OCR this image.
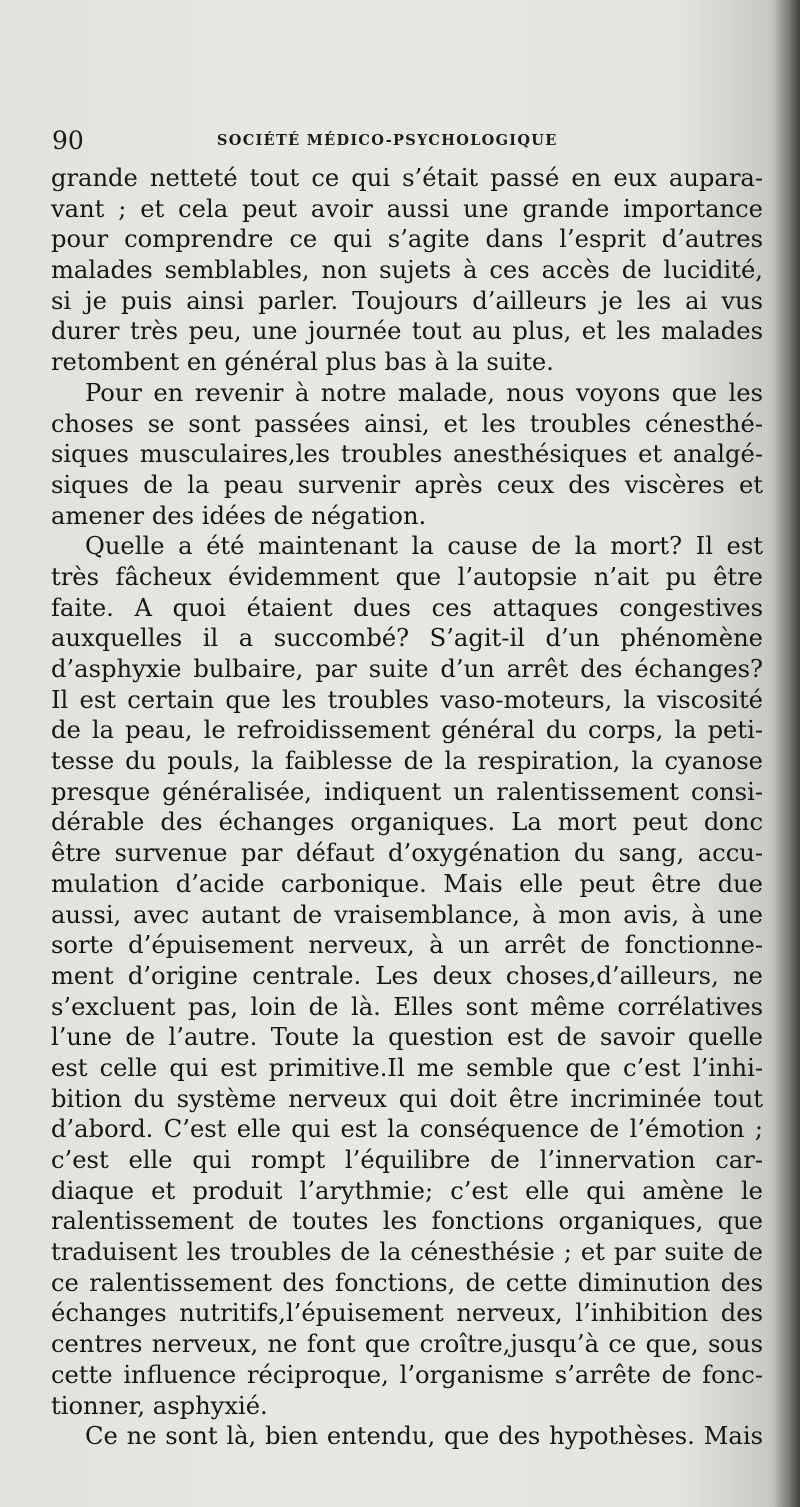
90	SOCIÉTÉ MÉDICO-PSYCHOLOGIQUE
grande netteté tout ce qui s’était passé en eux aupara-
vant ; et cela peut avoir aussi une grande importance
pour comprendre ce qui s’agite dans l’esprit d’autres
malades semblables, non sujets à ces accès de lucidité,
si je puis ainsi parler. Toujours d’ailleurs je les ai vus
durer très peu, une journée tout au plus, et les malades
retombent en général plus bas à la suite.
Pour en revenir à notre malade, nous voyons que les
choses se sont passées ainsi, et les troubles cénesthé-
siques musculaires,les troubles anesthésiques et analgé-
siques de la peau survenir après ceux des viscères et
amener des idées de négation.
Quelle a été maintenant la cause de la mort? Il est
très fâcheux évidemment que l’autopsie n’ait pu être
faite. A quoi étaient dues ces attaques congestives
auxquelles il a succombé? S’agit-il d’un phénomène
d’asphyxie bulbaire, par suite d’un arrêt des échanges?
Il est certain que les troubles vaso-moteurs, la viscosité
de la peau, le refroidissement général du corps, la peti-
tesse du pouls, la faiblesse de la respiration, la cyanose
presque généralisée, indiquent un ralentissement consi-
dérable des échanges organiques. La mort peut donc
être survenue par défaut d’oxygénation du sang, accu-
mulation d’acide carbonique. Mais elle peut être due
aussi, avec autant de vraisemblance, à mon avis, à une
sorte d’épuisement nerveux, à un arrêt de fonctionne-
ment d’origine centrale. Les deux choses,d’ailleurs, ne
s’excluent pas, loin de là. Elles sont même corrélatives
l’une de l’autre. Toute la question est de savoir quelle
est celle qui est primitive.Il me semble que c’est l’inhi-
bition du système nerveux qui doit être incriminée tout
d’abord. C’est elle qui est la conséquence de l’émotion ;
c’est elle qui rompt l’équilibre de l’innervation car-
diaque et produit l’arythmie; c’est elle qui amène le
ralentissement de toutes les fonctions organiques, que
traduisent les troubles de la cénesthésie ; et par suite de
ce ralentissement des fonctions, de cette diminution des
échanges nutritifs,l’épuisement nerveux, l’inhibition des
centres nerveux, ne font que croître,jusqu’à ce que, sous
cette influence réciproque, l’organisme s’arrête de fonc-
tionner, asphyxié.
Ce ne sont là, bien entendu, que des hypothèses. Mais
